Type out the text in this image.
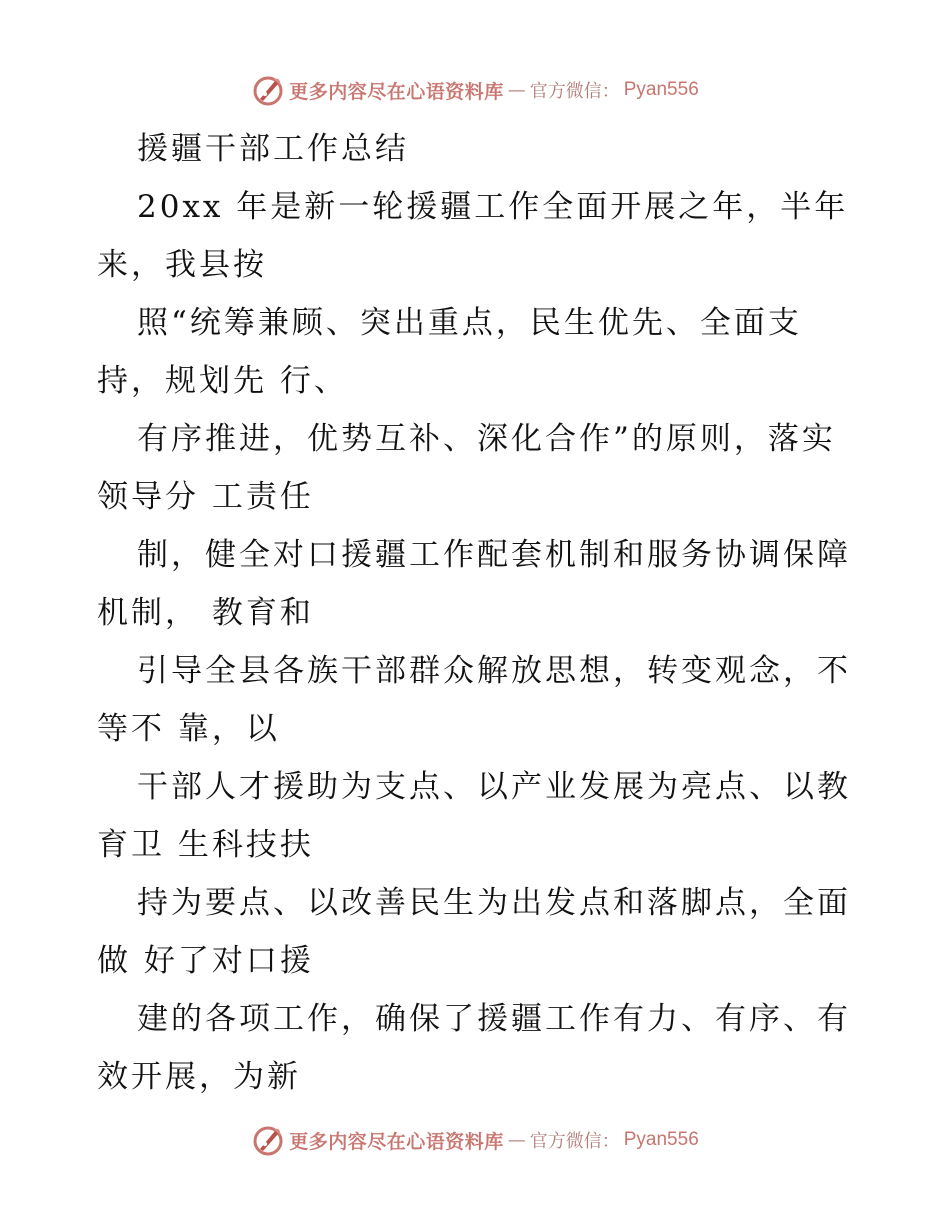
更多内容尽在心语资料库 — 官方微信： Pyan556
援疆干部工作总结
20xx 年是新一轮援疆工作全面开展之年，半年
来，我县按
照“统筹兼顾、突出重点，民生优先、全面支
持，规划先 行、
有序推进，优势互补、深化合作”的原则，落实
领导分 工责任
制，健全对口援疆工作配套机制和服务协调保障
机制， 教育和
引导全县各族干部群众解放思想，转变观念，不
等不 靠，以
干部人才援助为支点、以产业发展为亮点、以教
育卫 生科技扶
持为要点、以改善民生为出发点和落脚点，全面
做 好了对口援
建的各项工作，确保了援疆工作有力、有序、有
效开展，为新
更多内容尽在心语资料库 — 官方微信： Pyan556
